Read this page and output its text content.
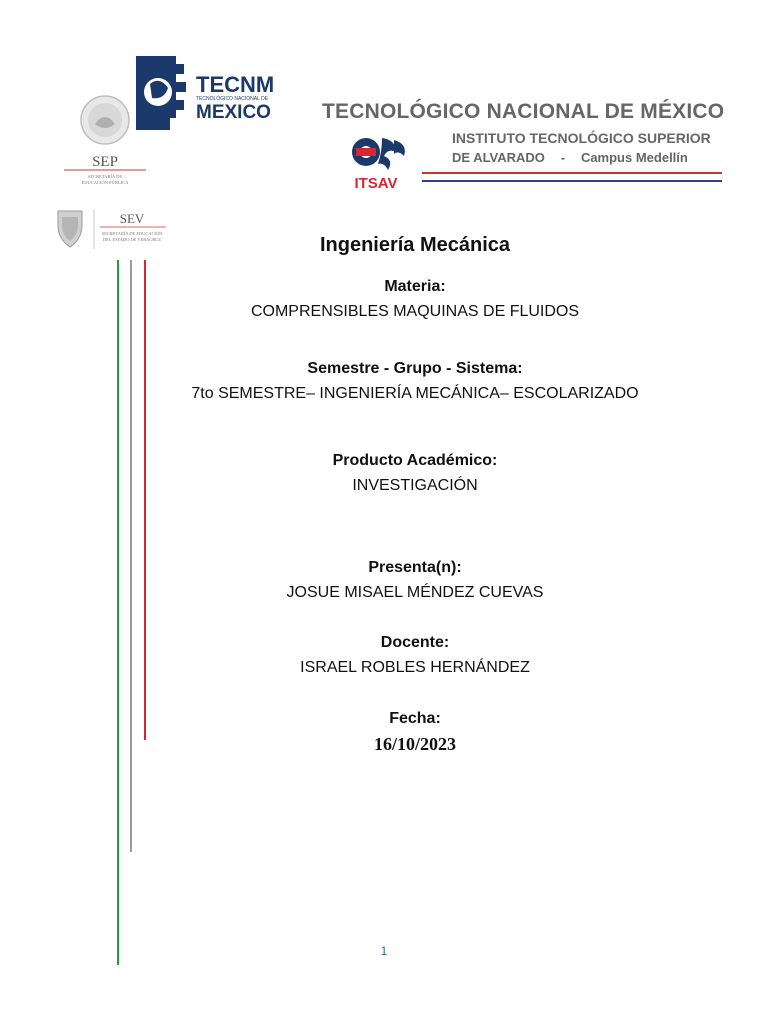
SEP
SECRETARÍA DE
EDUCACIÓN PÚBLICA
TECNM
TECNOLÓGICO NACIONAL DE
MEXICO
SEV
SECRETARÍA DE EDUCACIÓN
DEL ESTADO DE VERACRUZ
TECNOLÓGICO NACIONAL DE MÉXICO
INSTITUTO TECNOLÓGICO SUPERIOR
DE ALVARADO - Campus Medellín
ITSAV
Ingeniería Mecánica
Materia:
COMPRENSIBLES MAQUINAS DE FLUIDOS
Semestre - Grupo - Sistema:
7to SEMESTRE– INGENIERÍA MECÁNICA– ESCOLARIZADO
Producto Académico:
INVESTIGACIÓN
Presenta(n):
JOSUE MISAEL MÉNDEZ CUEVAS
Docente:
ISRAEL ROBLES HERNÁNDEZ
Fecha:
16/10/2023
1
